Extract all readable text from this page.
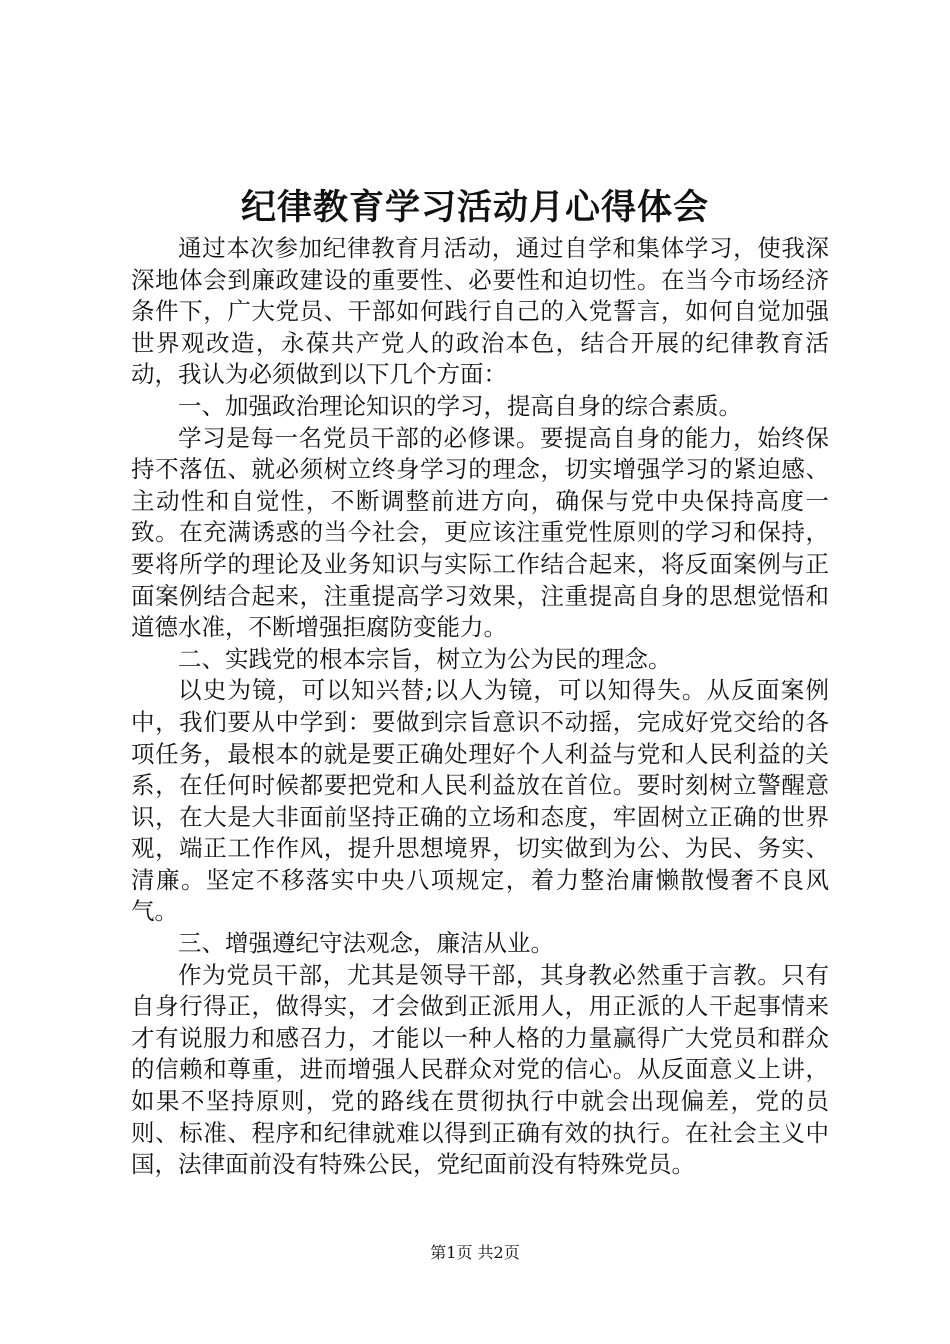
纪律教育学习活动月心得体会

通过本次参加纪律教育月活动，通过自学和集体学习，使我深深地体会到廉政建设的重要性、必要性和迫切性。在当今市场经济条件下，广大党员、干部如何践行自己的入党誓言，如何自觉加强世界观改造，永葆共产党人的政治本色，结合开展的纪律教育活动，我认为必须做到以下几个方面：

一、加强政治理论知识的学习，提高自身的综合素质。

学习是每一名党员干部的必修课。要提高自身的能力，始终保持不落伍、就必须树立终身学习的理念，切实增强学习的紧迫感、主动性和自觉性，不断调整前进方向，确保与党中央保持高度一致。在充满诱惑的当今社会，更应该注重党性原则的学习和保持，要将所学的理论及业务知识与实际工作结合起来，将反面案例与正面案例结合起来，注重提高学习效果，注重提高自身的思想觉悟和道德水准，不断增强拒腐防变能力。

二、实践党的根本宗旨，树立为公为民的理念。

以史为镜，可以知兴替;以人为镜，可以知得失。从反面案例中，我们要从中学到：要做到宗旨意识不动摇，完成好党交给的各项任务，最根本的就是要正确处理好个人利益与党和人民利益的关系，在任何时候都要把党和人民利益放在首位。要时刻树立警醒意识，在大是大非面前坚持正确的立场和态度，牢固树立正确的世界观，端正工作作风，提升思想境界，切实做到为公、为民、务实、清廉。坚定不移落实中央八项规定，着力整治庸懒散慢奢不良风气。

三、增强遵纪守法观念，廉洁从业。

作为党员干部，尤其是领导干部，其身教必然重于言教。只有自身行得正，做得实，才会做到正派用人，用正派的人干起事情来才有说服力和感召力，才能以一种人格的力量赢得广大党员和群众的信赖和尊重，进而增强人民群众对党的信心。从反面意义上讲，如果不坚持原则，党的路线在贯彻执行中就会出现偏差，党的员则、标准、程序和纪律就难以得到正确有效的执行。在社会主义中国，法律面前没有特殊公民，党纪面前没有特殊党员。

第1页 共2页
